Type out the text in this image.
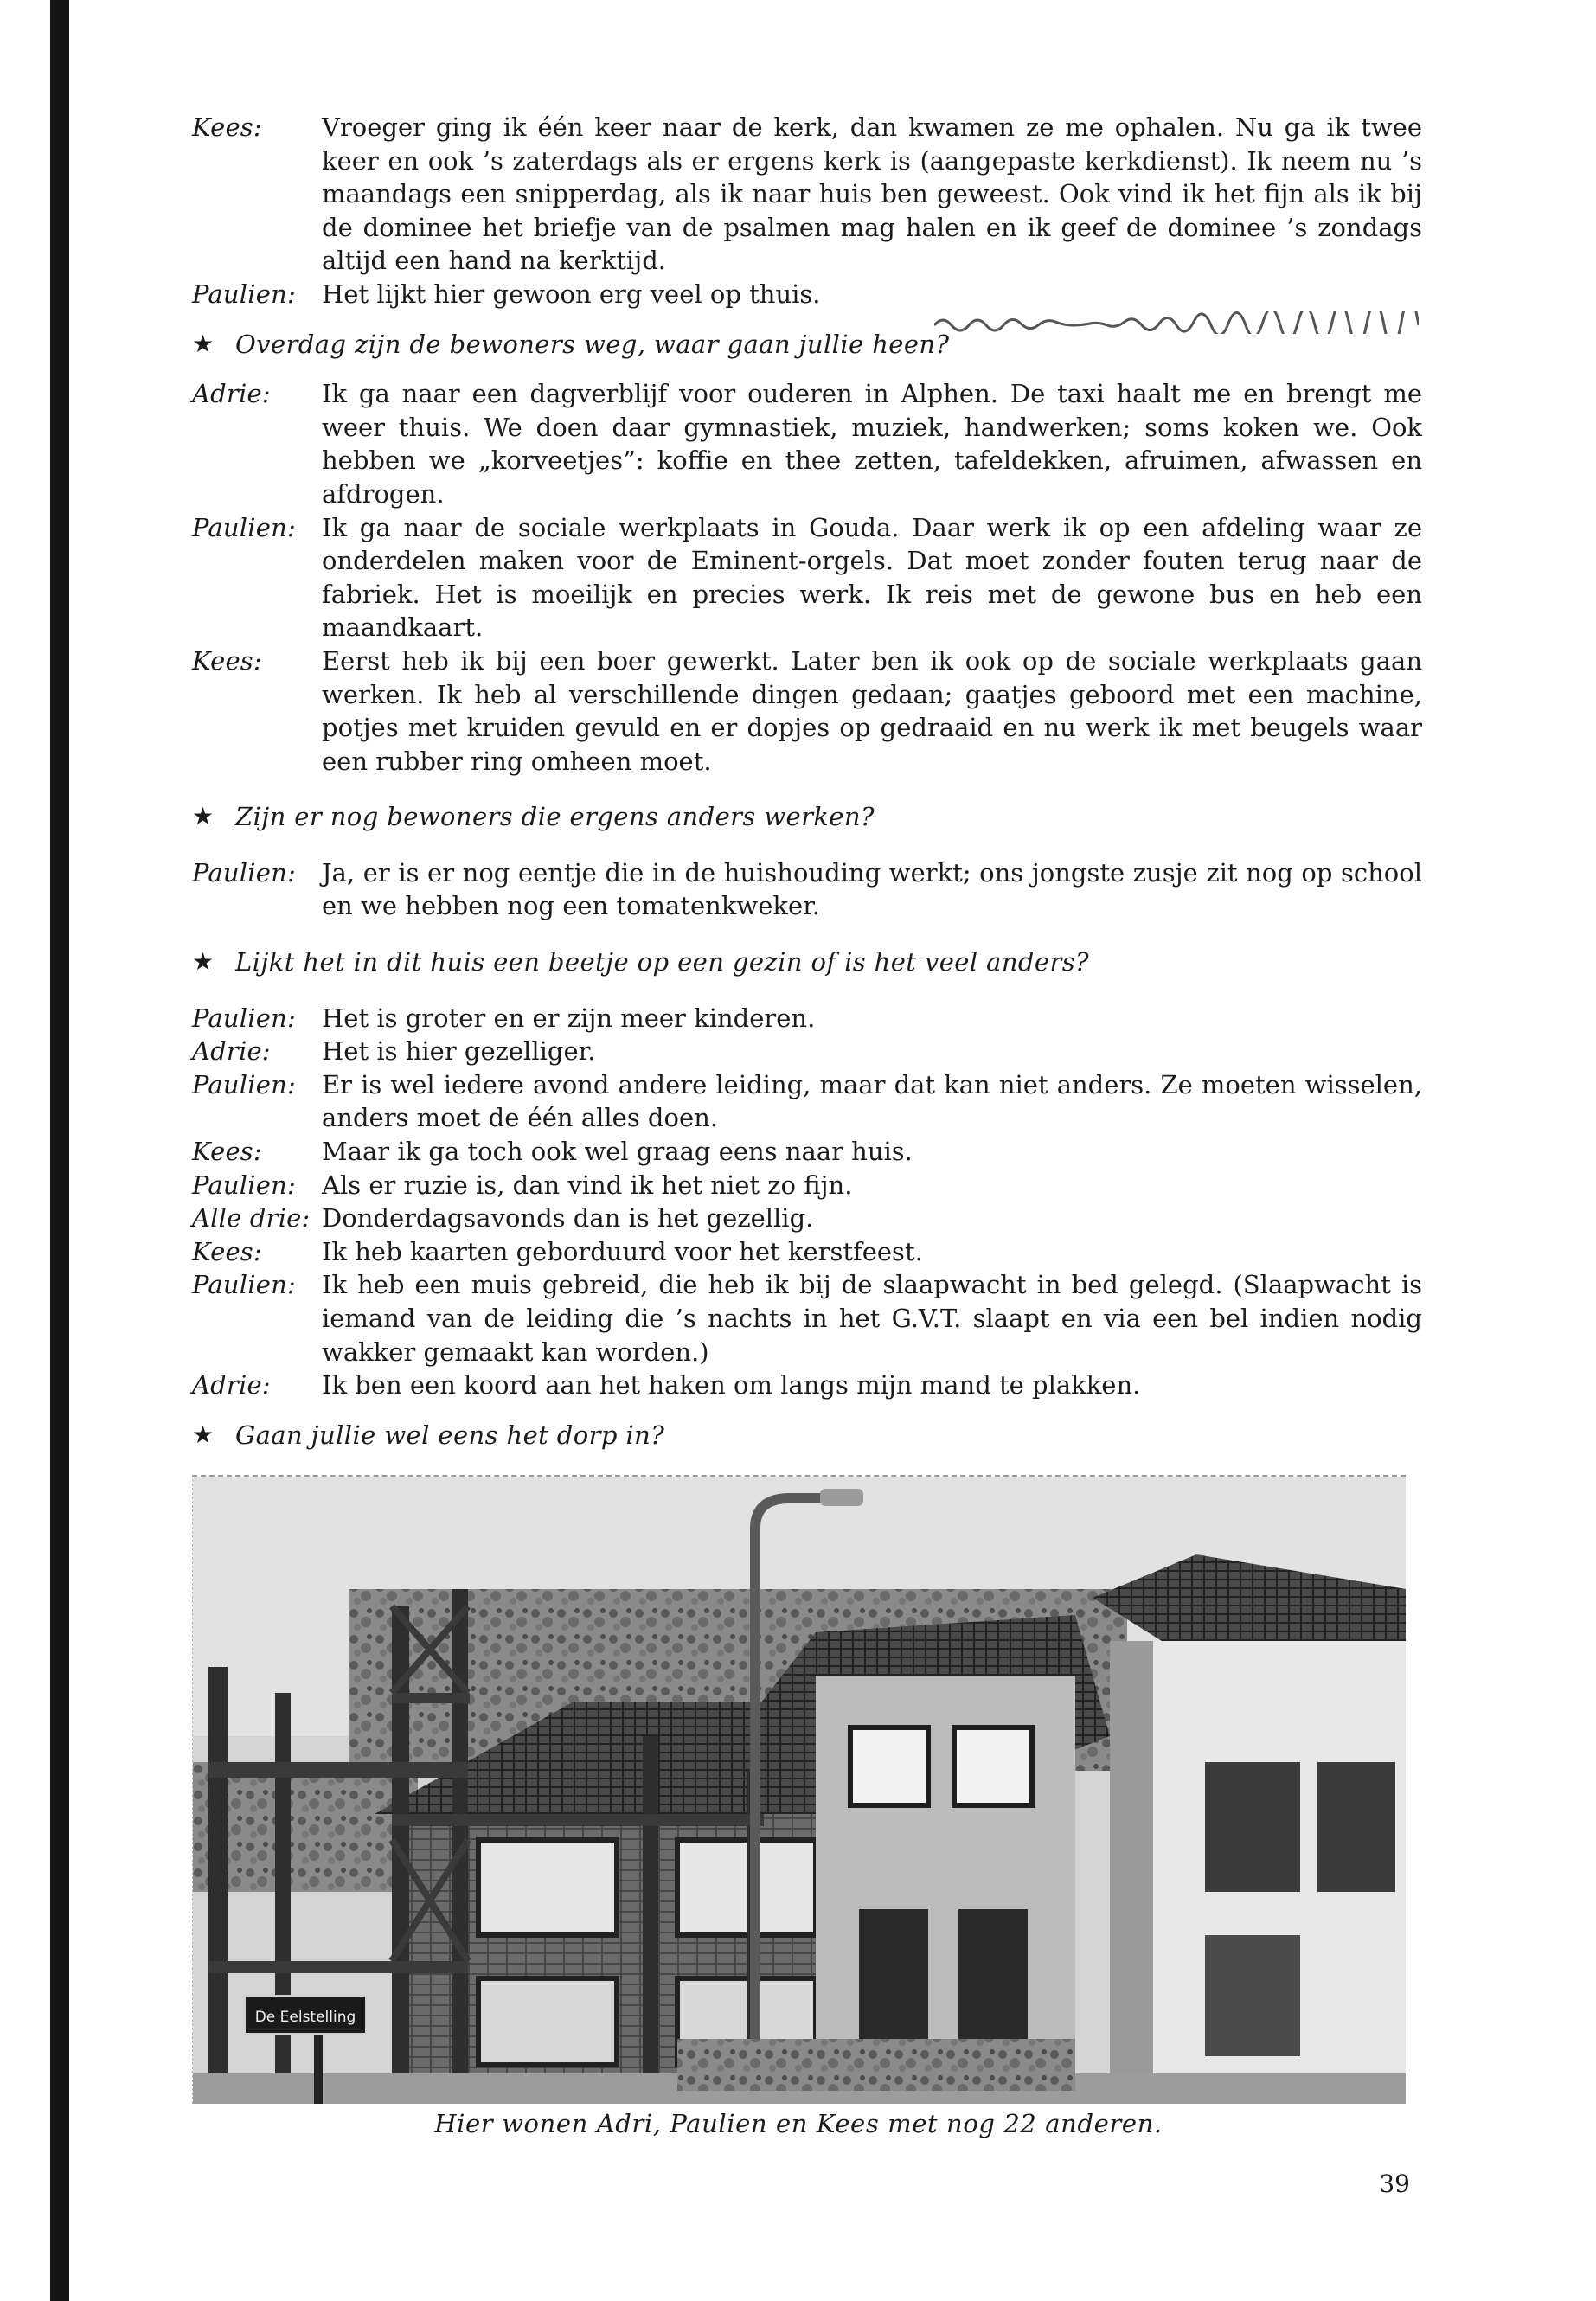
Kees:	Vroeger ging ik één keer naar de kerk, dan kwamen ze me ophalen. Nu ga ik twee keer en ook ’s zaterdags als er ergens kerk is (aangepaste kerkdienst). Ik neem nu ’s maandags een snipperdag, als ik naar huis ben geweest. Ook vind ik het fijn als ik bij de dominee het briefje van de psalmen mag halen en ik geef de dominee ’s zondags altijd een hand na kerktijd.
Paulien:	Het lijkt hier gewoon erg veel op thuis.
★ Overdag zijn de bewoners weg, waar gaan jullie heen?
Adrie:	Ik ga naar een dagverblijf voor ouderen in Alphen. De taxi haalt me en brengt me weer thuis. We doen daar gymnastiek, muziek, handwerken; soms koken we. Ook hebben we „korveetjes”: koffie en thee zetten, tafeldekken, afruimen, afwassen en afdrogen.
Paulien:	Ik ga naar de sociale werkplaats in Gouda. Daar werk ik op een afdeling waar ze onderdelen maken voor de Eminent-orgels. Dat moet zonder fouten terug naar de fabriek. Het is moeilijk en precies werk. Ik reis met de gewone bus en heb een maandkaart.
Kees:	Eerst heb ik bij een boer gewerkt. Later ben ik ook op de sociale werkplaats gaan werken. Ik heb al verschillende dingen gedaan; gaatjes geboord met een machine, potjes met kruiden gevuld en er dopjes op gedraaid en nu werk ik met beugels waar een rubber ring omheen moet.
★ Zijn er nog bewoners die ergens anders werken?
Paulien:	Ja, er is er nog eentje die in de huishouding werkt; ons jongste zusje zit nog op school en we hebben nog een tomatenkweker.
★ Lijkt het in dit huis een beetje op een gezin of is het veel anders?
Paulien:	Het is groter en er zijn meer kinderen.
Adrie:	Het is hier gezelliger.
Paulien:	Er is wel iedere avond andere leiding, maar dat kan niet anders. Ze moeten wisselen, anders moet de één alles doen.
Kees:	Maar ik ga toch ook wel graag eens naar huis.
Paulien:	Als er ruzie is, dan vind ik het niet zo fijn.
Alle drie: Donderdagsavonds dan is het gezellig.
Kees:	Ik heb kaarten geborduurd voor het kerstfeest.
Paulien:	Ik heb een muis gebreid, die heb ik bij de slaapwacht in bed gelegd. (Slaapwacht is iemand van de leiding die ’s nachts in het G.V.T. slaapt en via een bel indien nodig wakker gemaakt kan worden.)
Adrie:	Ik ben een koord aan het haken om langs mijn mand te plakken.
★ Gaan jullie wel eens het dorp in?
De Eelstelling
Hier wonen Adri, Paulien en Kees met nog 22 anderen.
39
